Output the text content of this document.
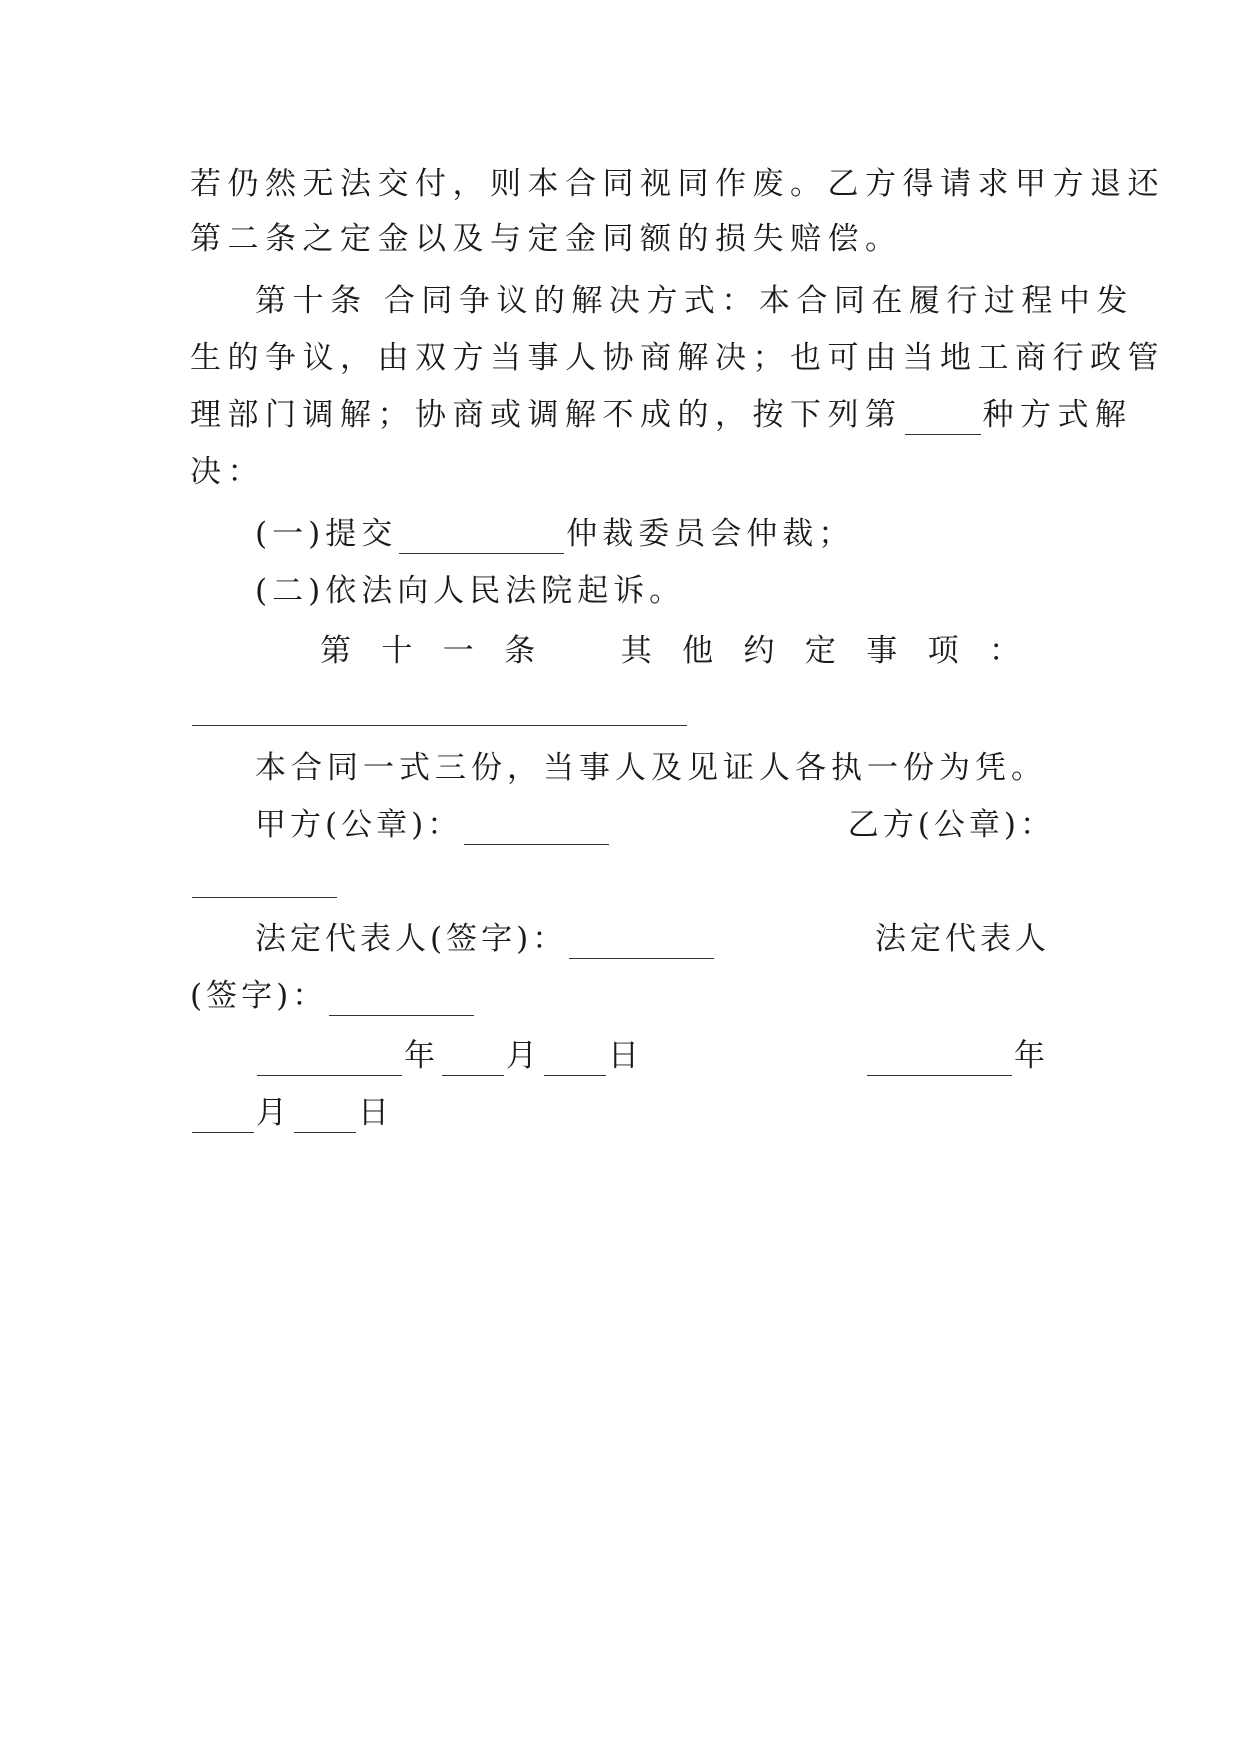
若仍然无法交付，则本合同视同作废。乙方得请求甲方退还
第二条之定金以及与定金同额的损失赔偿。
第十条 合同争议的解决方式：本合同在履行过程中发
生的争议，由双方当事人协商解决；也可由当地工商行政管
理部门调解；协商或调解不成的，按下列第	种方式解
决：
(一)提交	仲裁委员会仲裁；
(二)依法向人民法院起诉。
第 十 一 条	其 他 约 定 事 项 ：
本合同一式三份，当事人及见证人各执一份为凭。
甲方(公章)：	乙方(公章)：
法定代表人(签字)：	法定代表人
(签字)：
年 月 日	年
月 日
